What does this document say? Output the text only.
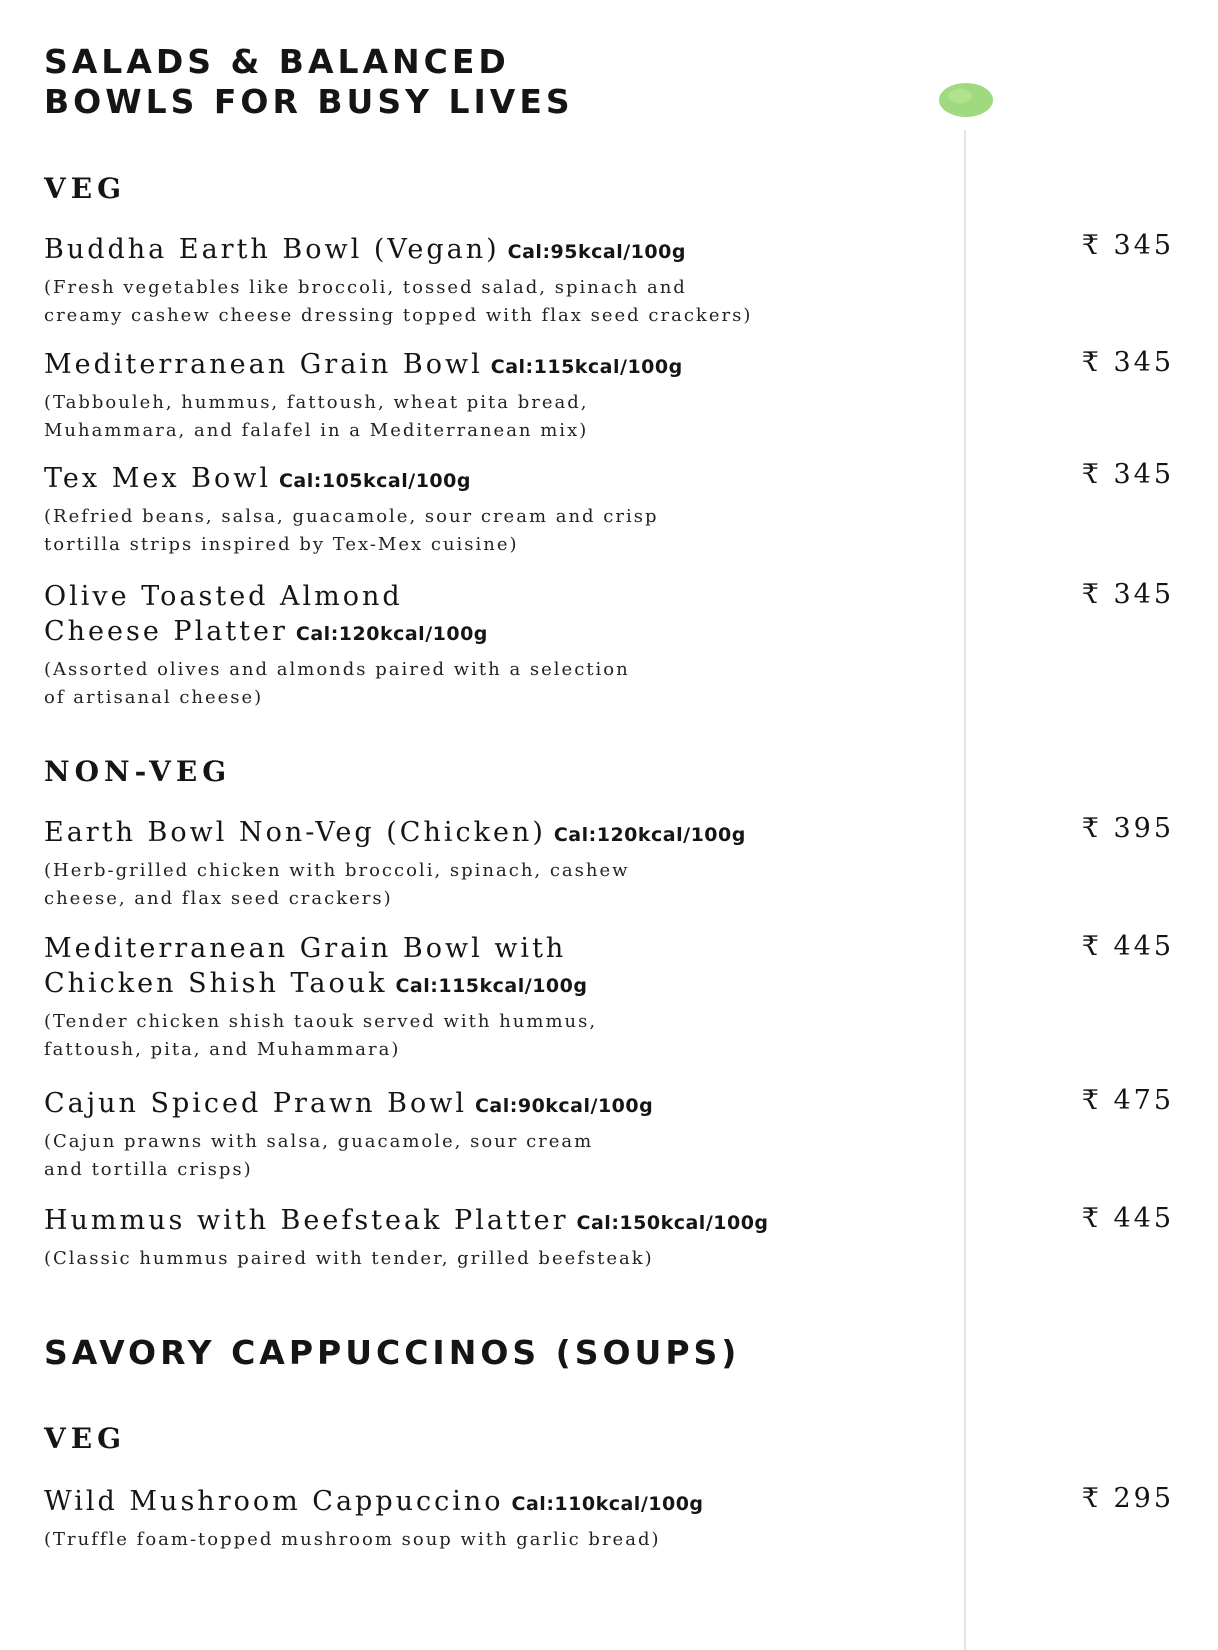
SALADS & BALANCED
BOWLS FOR BUSY LIVES
VEG
Buddha Earth Bowl (Vegan) Cal:95kcal/100g
(Fresh vegetables like broccoli, tossed salad, spinach and
creamy cashew cheese dressing topped with flax seed crackers)
₹ 345
Mediterranean Grain Bowl Cal:115kcal/100g
(Tabbouleh, hummus, fattoush, wheat pita bread,
Muhammara, and falafel in a Mediterranean mix)
₹ 345
Tex Mex Bowl Cal:105kcal/100g
(Refried beans, salsa, guacamole, sour cream and crisp
tortilla strips inspired by Tex-Mex cuisine)
₹ 345
Olive Toasted Almond
Cheese Platter Cal:120kcal/100g
(Assorted olives and almonds paired with a selection
of artisanal cheese)
₹ 345
NON-VEG
Earth Bowl Non-Veg (Chicken) Cal:120kcal/100g
(Herb-grilled chicken with broccoli, spinach, cashew
cheese, and flax seed crackers)
₹ 395
Mediterranean Grain Bowl with
Chicken Shish Taouk Cal:115kcal/100g
(Tender chicken shish taouk served with hummus,
fattoush, pita, and Muhammara)
₹ 445
Cajun Spiced Prawn Bowl Cal:90kcal/100g
(Cajun prawns with salsa, guacamole, sour cream
and tortilla crisps)
₹ 475
Hummus with Beefsteak Platter Cal:150kcal/100g
(Classic hummus paired with tender, grilled beefsteak)
₹ 445
SAVORY CAPPUCCINOS (SOUPS)
VEG
Wild Mushroom Cappuccino Cal:110kcal/100g
(Truffle foam-topped mushroom soup with garlic bread)
₹ 295
